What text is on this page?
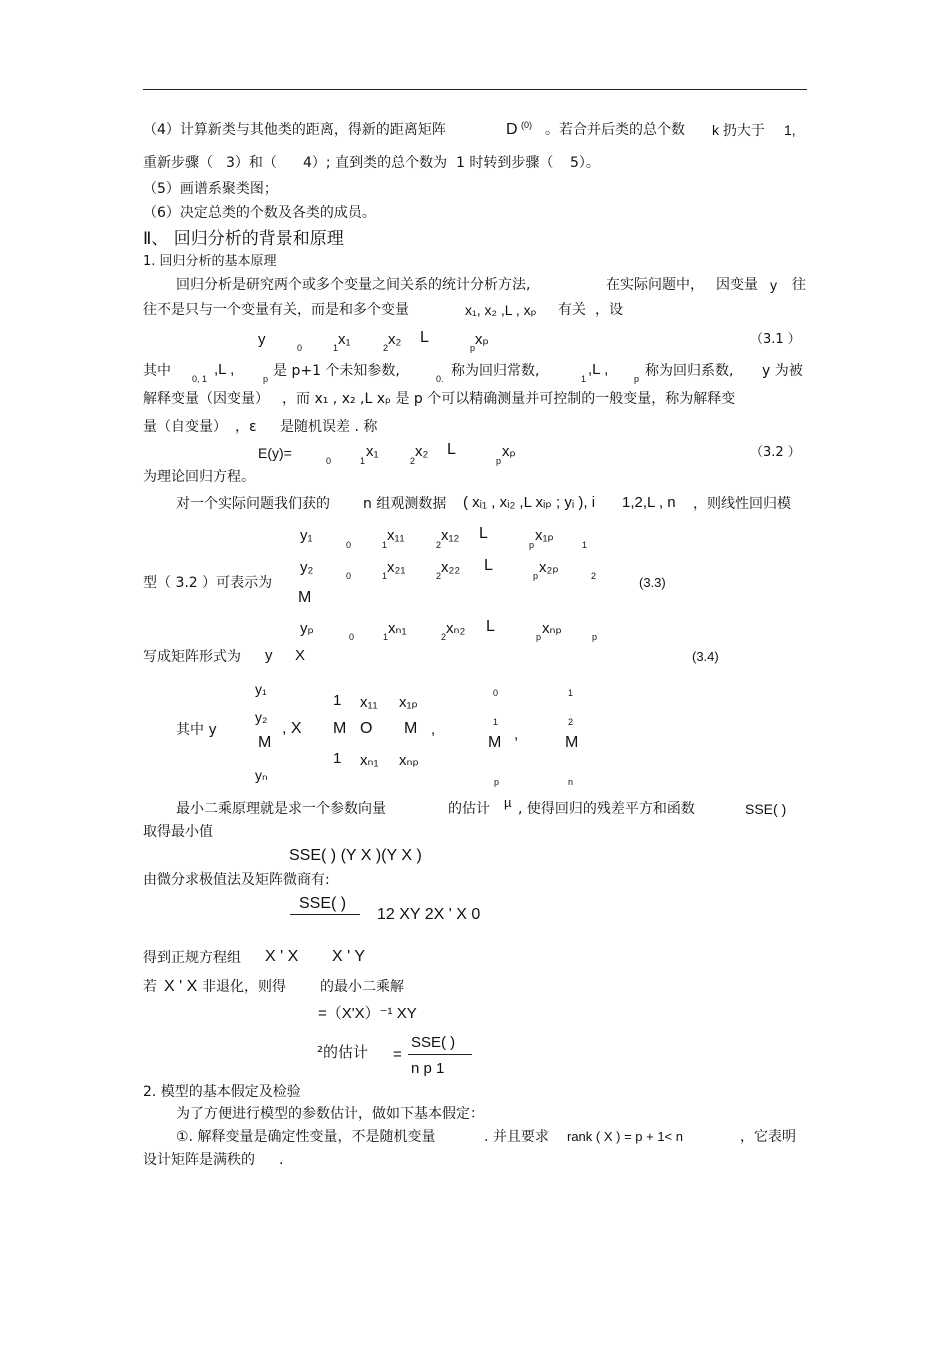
（4）计算新类与其他类的距离，得新的距离矩阵	D (0) 。若合并后类的总个数 k 扔大于 1,
重新步骤（ 3）和（ 4）; 直到类的总个数为 1 时转到步骤（ 5）。
（5）画谱系聚类图；
（6）决定总类的个数及各类的成员。
Ⅱ、 回归分析的背景和原理
1. 回归分析的基本原理
回归分析是研究两个或多个变量之间关系的统计分析方法,	在实际问题中， 因变量 y 往
往不是只与一个变量有关，而是和多个变量	x₁, x₂ ,L , xₚ 有关 ，设
y	0	1 x₁	2 x₂ L
p xₚ	（3.1 ）
其中 0, 1
,L ,
p 是 p+1 个未知参数,	0. 称为回归常数,	1
,L ,
p 称为回归系数, y 为被
解释变量（因变量） ，而 x₁ , x₂ ,L xₚ 是 p 个可以精确测量并可控制的一般变量，称为解释变
量（自变量） ，ε 是随机误差 . 称
E(y)=	0	1
x₁
2
x₂ L
p
xₚ	（3.2 ）
为理论回归方程。
对一个实际问题我们获的 n 组观测数据 ( xᵢ₁ , xᵢ₂ ,L xᵢₚ ; yᵢ ), i 1,2,L , n ，则线性回归模
y₁
0	1
x₁₁
2
x₁₂ L
p
x₁ₚ
1
型（ 3.2 ）可表示为
y₂	0	1 x₂₁	2 x₂₂ L
p x₂ₚ	2	(3.3)
M
yₚ	0	1 xₙ₁	2 xₙ₂ L
p xₙₚ	p
写成矩阵形式为 y X	(3.4)
y₁
y₂
其中 y
M
yₙ
, X
1 x₁₁ x₁ₚ
M O M ,
1 xₙ₁ xₙₚ
0
1
M ,
p
1
2
M
n
最小二乘原理就是求一个参数向量	的估计 µ , 使得回归的残差平方和函数	SSE( )
取得最小值
SSE( ) (Y X )(Y X )
由微分求极值法及矩阵微商有:
SSE( )
12 XY 2X ' X 0
得到正规方程组 X ' X X ' Y
若 X ' X 非退化，则得 的最小二乘解
=（X'X）⁻¹ XY
²的估计 =
SSE( )
n p 1
2. 模型的基本假定及检验
为了方便进行模型的参数估计，做如下基本假定：
①. 解释变量是确定性变量，不是随机变量	. 并且要求 rank ( X ) = p + 1< n	，它表明
设计矩阵是满秩的 .
